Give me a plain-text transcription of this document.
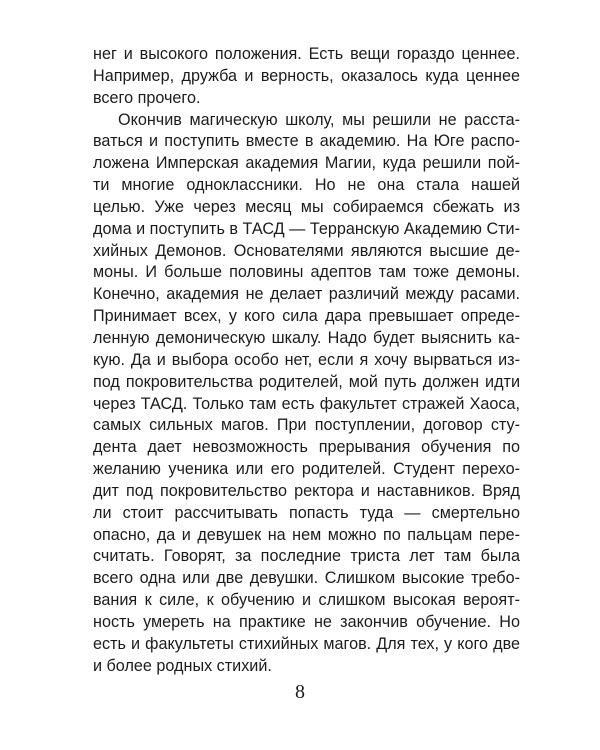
нег и высокого положения. Есть вещи гораздо ценнее.
Например, дружба и верность, оказалось куда ценнее
всего прочего.

Окончив магическую школу, мы решили не расста-
ваться и поступить вместе в академию. На Юге распо-
ложена Имперская академия Магии, куда решили пой-
ти многие одноклассники. Но не она стала нашей
целью. Уже через месяц мы собираемся сбежать из
дома и поступить в ТАСД — Терранскую Академию Сти-
хийных Демонов. Основателями являются высшие де-
моны. И больше половины адептов там тоже демоны.
Конечно, академия не делает различий между расами.
Принимает всех, у кого сила дара превышает опреде-
ленную демоническую шкалу. Надо будет выяснить ка-
кую. Да и выбора особо нет, если я хочу вырваться из-
под покровительства родителей, мой путь должен идти
через ТАСД. Только там есть факультет стражей Хаоса,
самых сильных магов. При поступлении, договор сту-
дента дает невозможность прерывания обучения по
желанию ученика или его родителей. Студент перехо-
дит под покровительство ректора и наставников. Вряд
ли стоит рассчитывать попасть туда — смертельно
опасно, да и девушек на нем можно по пальцам пере-
считать. Говорят, за последние триста лет там была
всего одна или две девушки. Слишком высокие требо-
вания к силе, к обучению и слишком высокая вероят-
ность умереть на практике не закончив обучение. Но
есть и факультеты стихийных магов. Для тех, у кого две
и более родных стихий.

8
